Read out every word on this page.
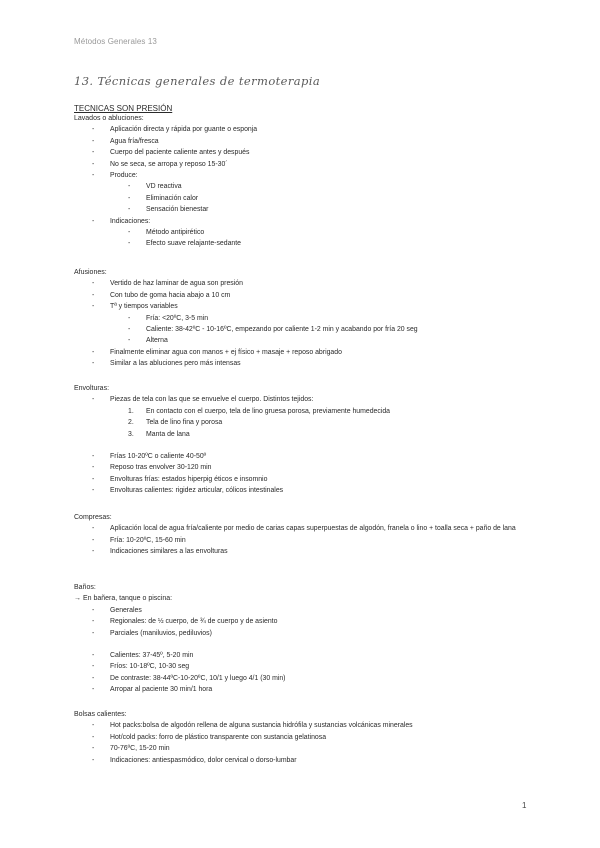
Métodos Generales 13
13. Técnicas generales de termoterapia
TECNICAS SON PRESIÓN
Lavados o abluciones:
- Aplicación directa y rápida por guante o esponja
- Agua fría/fresca
- Cuerpo del paciente caliente antes y después
- No se seca, se arropa y reposo 15-30´
- Produce:
- VD reactiva
- Eliminación calor
- Sensación bienestar
- Indicaciones:
- Método antipirético
- Efecto suave relajante-sedante
Afusiones:
- Vertido de haz laminar de agua son presión
- Con tubo de goma hacia abajo a 10 cm
- Tª y tiempos variables
- Fría: <20ºC, 3-5 min
- Caliente: 38-42ºC - 10-16ºC, empezando por caliente 1-2 min y acabando por fría 20 seg
- Alterna
- Finalmente eliminar agua con manos + ej físico + masaje + reposo abrigado
- Similar a las abluciones pero más intensas
Envolturas:
- Piezas de tela con las que se envuelve el cuerpo. Distintos tejidos:
1. En contacto con el cuerpo, tela de lino gruesa porosa, previamente humedecida
2. Tela de lino fina y porosa
3. Manta de lana
- Frías 10-20ºC o caliente 40-50º
- Reposo tras envolver 30-120 min
- Envolturas frías: estados hiperpig éticos e insomnio
- Envolturas calientes: rigidez articular, cólicos intestinales
Compresas:
- Aplicación local de agua fría/caliente por medio de carias capas superpuestas de algodón, franela o lino + toalla seca + paño de lana
- Fría: 10-20ºC, 15-60 min
- Indicaciones similares a las envolturas
Baños:
→ En bañera, tanque o piscina:
- Generales
- Regionales: de ½ cuerpo, de ¾ de cuerpo y de asiento
- Parciales (maniluvios, pediluvios)
- Calientes: 37-45º, 5-20 min
- Fríos: 10-18ºC, 10-30 seg
- De contraste: 38-44ºC-10-20ºC, 10/1 y luego 4/1 (30 min)
- Arropar al paciente 30 min/1 hora
Bolsas calientes:
- Hot packs:bolsa de algodón rellena de alguna sustancia hidrófila y sustancias volcánicas minerales
- Hot/cold packs: forro de plástico transparente con sustancia gelatinosa
- 70-76ºC, 15-20 min
- Indicaciones: antiespasmódico, dolor cervical o dorso-lumbar
1
